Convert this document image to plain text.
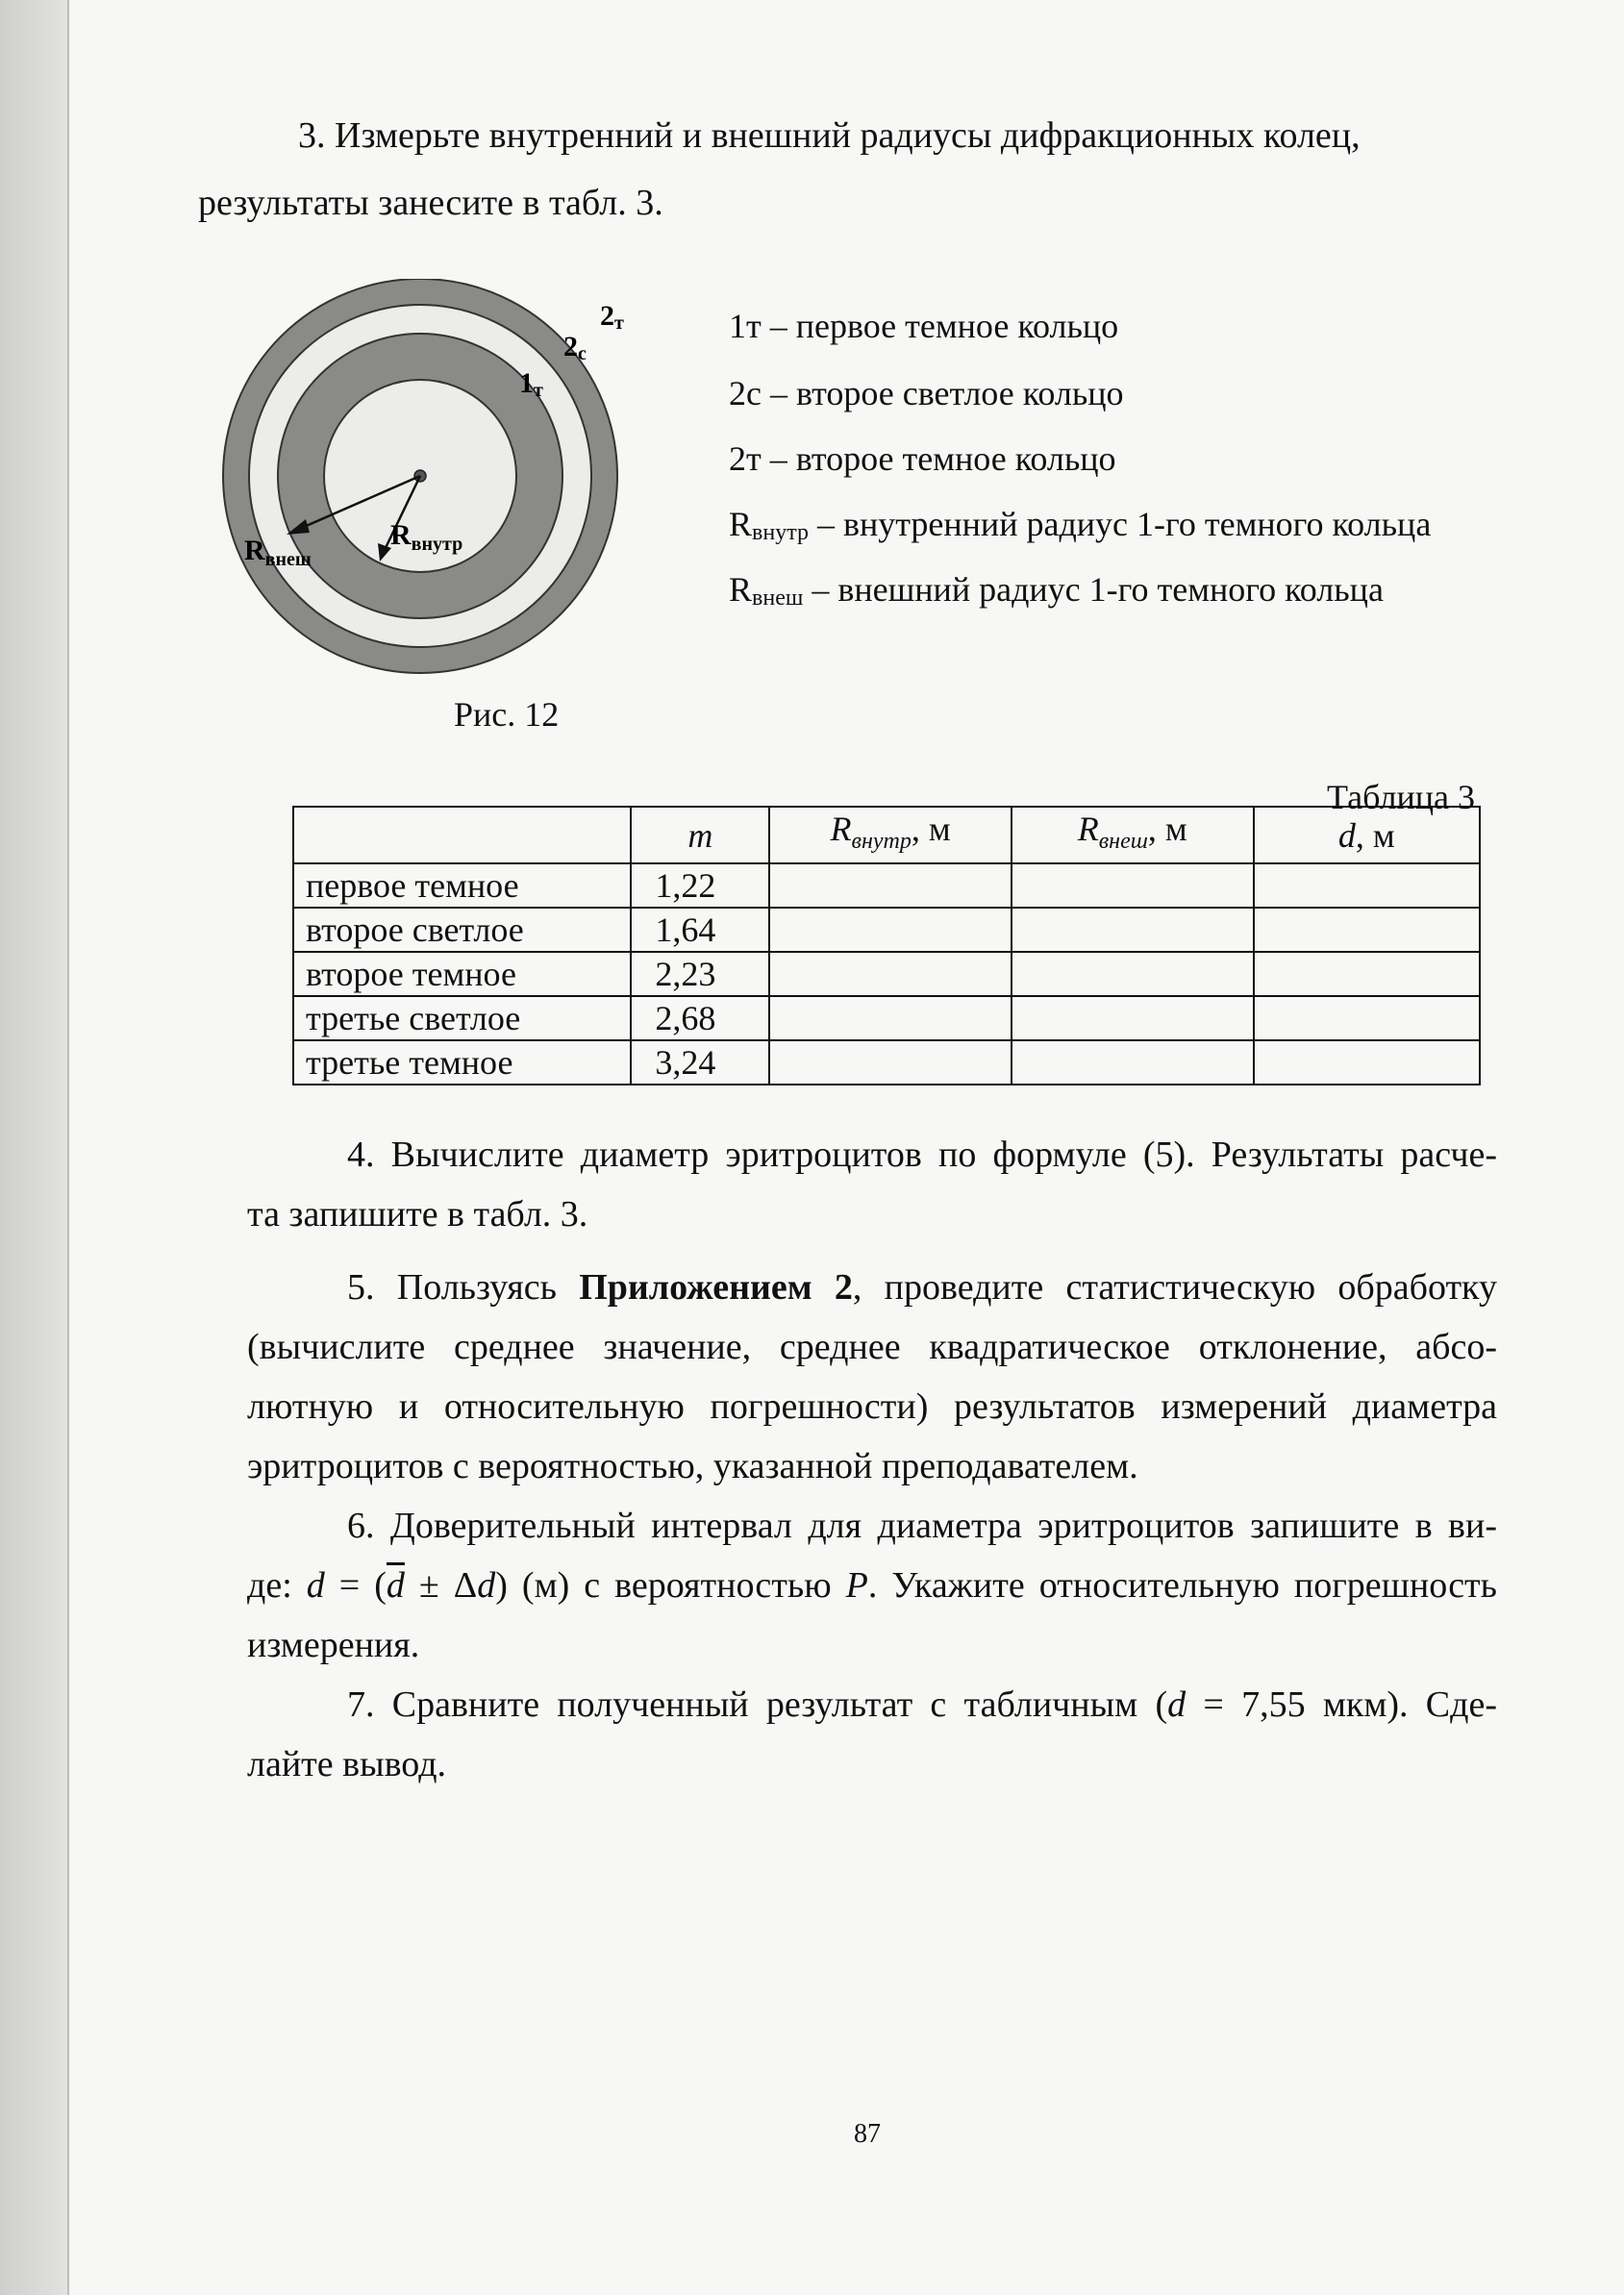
3. Измерьте внутренний и внешний радиусы дифракционных колец,
результаты занесите в табл. 3.
2т
2с
1т
$R_{внутр}$
$R_{внеш}$
Рис. 12
1т – первое темное кольцо
2с – второе светлое кольцо
2т – второе темное кольцо
$R_{внутр}$ – внутренний радиус 1-го темного кольца
$R_{внеш}$ – внешний радиус 1-го темного кольца
Таблица 3
	m	$R_{внутр}$, м	$R_{внеш}$, м	d, м
первое темное	1,22			
второе светлое	1,64			
второе темное	2,23			
третье светлое	2,68			
третье темное	3,24			
4. Вычислите диаметр эритроцитов по формуле (5). Результаты расче-
та запишите в табл. 3.
5. Пользуясь Приложением 2, проведите статистическую обработку
(вычислите среднее значение, среднее квадратическое отклонение, абсо-
лютную и относительную погрешности) результатов измерений диаметра
эритроцитов с вероятностью, указанной преподавателем.
6. Доверительный интервал для диаметра эритроцитов запишите в ви-
де: $d = (\overline{d} \pm \Delta d)$ (м) с вероятностью P. Укажите относительную погрешность
измерения.
7. Сравните полученный результат с табличным (d = 7,55 мкм). Сде-
лайте вывод.
87
